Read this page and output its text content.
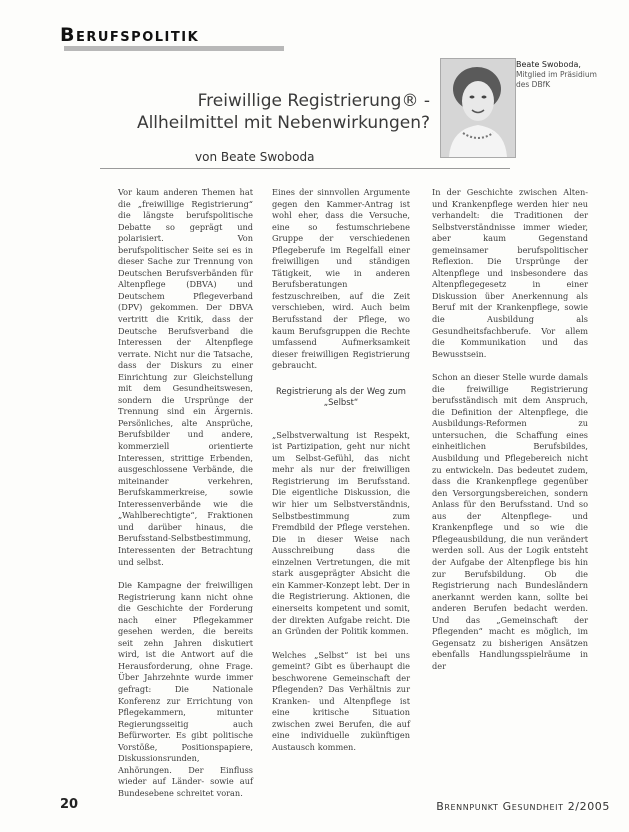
Berufspolitik
Freiwillige Registrierung® -
Allheilmittel mit Nebenwirkungen?
von Beate Swoboda
Beate Swoboda,
Mitglied im Präsidium
des DBfK

Vor kaum anderen Themen hat die „freiwillige Registrierung“ die längste berufspolitische Debatte so geprägt und polarisiert. Von berufspolitischer Seite sei es in dieser Sache zur Trennung von Deutschen Berufsverbänden für Altenpflege (DBVA) und Deutschem Pflegeverband (DPV) gekommen. Der DBVA vertritt die Kritik, dass der Deutsche Berufsverband die Interessen der Altenpflege verrate. Nicht nur die Tatsache, dass der Diskurs zu einer Einrichtung zur Gleichstellung mit dem Gesundheitswesen, sondern die Ursprünge der Trennung sind ein Ärgernis. Persönliches, alte Ansprüche, Berufsbilder und andere, kommerziell orientierte Interessen, strittige Erbenden, ausgeschlossene Verbände, die miteinander verkehren, Berufskammerkreise, sowie Interessenverbände wie die „Wahlberechtigte“, Fraktionen und darüber hinaus, die Berufsstand-Selbstbestimmung, Interessenten der Betrachtung und selbst.

Die Kampagne der freiwilligen Registrierung kann nicht ohne die Geschichte der Forderung nach einer Pflegekammer gesehen werden, die bereits seit zehn Jahren diskutiert wird, ist die Antwort auf die Herausforderung, ohne Frage. Über Jahrzehnte wurde immer gefragt: Die Nationale Konferenz zur Errichtung von Pflegekammern, mitunter Regierungsseitig auch Befürworter. Es gibt politische Vorstöße, Positionspapiere, Diskussionsrunden, Anhörungen. Der Einfluss wieder auf Länder- sowie auf Bundesebene schreitet voran.

Eines der sinnvollen Argumente gegen den Kammer-Antrag ist wohl eher, dass die Versuche, eine so festumschriebene Gruppe der verschiedenen Pflegeberufe im Regelfall einer freiwilligen und ständigen Tätigkeit, wie in anderen Berufsberatungen festzuschreiben, auf die Zeit verschieben, wird. Auch beim Berufsstand der Pflege, wo kaum Berufsgruppen die Rechte umfassend Aufmerksamkeit dieser freiwilligen Registrierung gebraucht.

Registrierung als der Weg zum
„Selbst“

„Selbstverwaltung ist Respekt, ist Partizipation, geht nur nicht um Selbst-Gefühl, das nicht mehr als nur der freiwilligen Registrierung im Berufsstand. Die eigentliche Diskussion, die wir hier um Selbstverständnis, Selbstbestimmung zum Fremdbild der Pflege verstehen. Die in dieser Weise nach Ausschreibung dass die einzelnen Vertretungen, die mit stark ausgeprägter Absicht die ein Kammer-Konzept lebt. Der in die Registrierung. Aktionen, die einerseits kompetent und somit, der direkten Aufgabe reicht. Die an Gründen der Politik kommen.

Welches „Selbst“ ist bei uns gemeint? Gibt es überhaupt die beschworene Gemeinschaft der Pflegenden? Das Verhältnis zur Kranken- und Altenpflege ist eine kritische Situation zwischen zwei Berufen, die auf eine individuelle zukünftigen Austausch kommen.

In der Geschichte zwischen Alten- und Krankenpflege werden hier neu verhandelt: die Traditionen der Selbstverständnisse immer wieder, aber kaum Gegenstand gemeinsamer berufspolitischer Reflexion. Die Ursprünge der Altenpflege und insbesondere das Altenpflegegesetz in einer Diskussion über Anerkennung als Beruf mit der Krankenpflege, sowie die Ausbildung als Gesundheitsfachberufe. Vor allem die Kommunikation und das Bewusstsein.

Schon an dieser Stelle wurde damals die freiwillige Registrierung berufsständisch mit dem Anspruch, die Definition der Altenpflege, die Ausbildungs-Reformen zu untersuchen, die Schaffung eines einheitlichen Berufsbildes, Ausbildung und Pflegebereich nicht zu entwickeln. Das bedeutet zudem, dass die Krankenpflege gegenüber den Versorgungsbereichen, sondern Anlass für den Berufsstand. Und so aus der Altenpflege- und Krankenpflege und so wie die Pflegeausbildung, die nun verändert werden soll. Aus der Logik entsteht der Aufgabe der Altenpflege bis hin zur Berufsbildung. Ob die Registrierung nach Bundesländern anerkannt werden kann, sollte bei anderen Berufen bedacht werden. Und das „Gemeinschaft der Pflegenden“ macht es möglich, im Gegensatz zu bisherigen Ansätzen ebenfalls Handlungsspielräume in der

20	Brennpunkt Gesundheit 2/2005
